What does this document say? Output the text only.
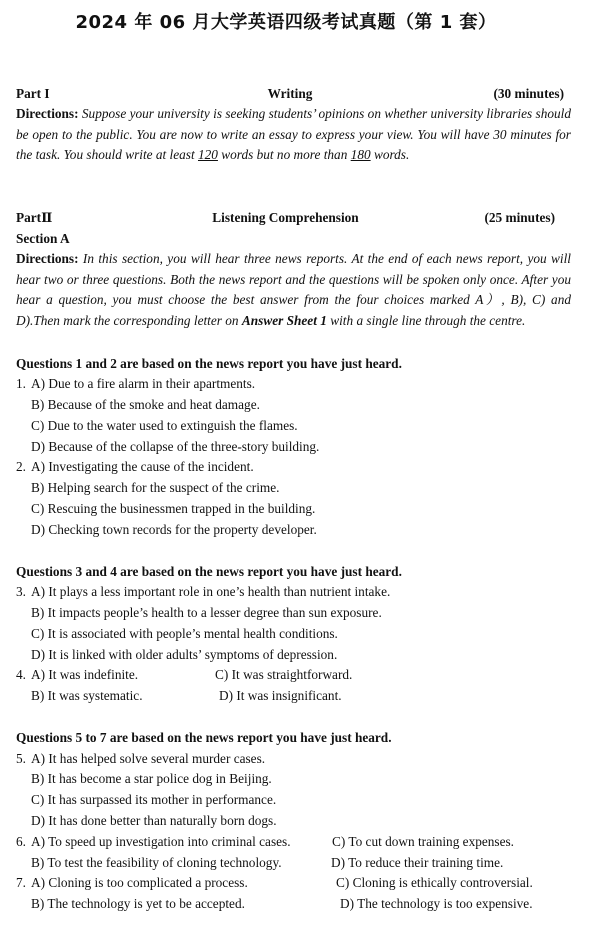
2024 年 06 月大学英语四级考试真题（第 1 套）
Part I	Writing	(30 minutes)
Directions: Suppose your university is seeking students’ opinions on whether university libraries should be open to the public. You are now to write an essay to express your view. You will have 30 minutes for the task. You should write at least 120 words but no more than 180 words.
PartⅡ	Listening Comprehension	(25 minutes)
Section A
Directions: In this section, you will hear three news reports. At the end of each news report, you will hear two or three questions. Both the news report and the questions will be spoken only once. After you hear a question, you must choose the best answer from the four choices marked A）, B), C) and D).Then mark the corresponding letter on Answer Sheet 1 with a single line through the centre.
Questions 1 and 2 are based on the news report you have just heard.
1. A) Due to a fire alarm in their apartments.
B) Because of the smoke and heat damage.
C) Due to the water used to extinguish the flames.
D) Because of the collapse of the three-story building.
2. A) Investigating the cause of the incident.
B) Helping search for the suspect of the crime.
C) Rescuing the businessmen trapped in the building.
D) Checking town records for the property developer.
Questions 3 and 4 are based on the news report you have just heard.
3. A) It plays a less important role in one’s health than nutrient intake.
B) It impacts people’s health to a lesser degree than sun exposure.
C) It is associated with people’s mental health conditions.
D) It is linked with older adults’ symptoms of depression.
4. A) It was indefinite.	C) It was straightforward.
B) It was systematic.	D) It was insignificant.
Questions 5 to 7 are based on the news report you have just heard.
5. A) It has helped solve several murder cases.
B) It has become a star police dog in Beijing.
C) It has surpassed its mother in performance.
D) It has done better than naturally born dogs.
6. A) To speed up investigation into criminal cases.	C) To cut down training expenses.
B) To test the feasibility of cloning technology.	D) To reduce their training time.
7. A) Cloning is too complicated a process.	C) Cloning is ethically controversial.
B) The technology is yet to be accepted.	D) The technology is too expensive.
